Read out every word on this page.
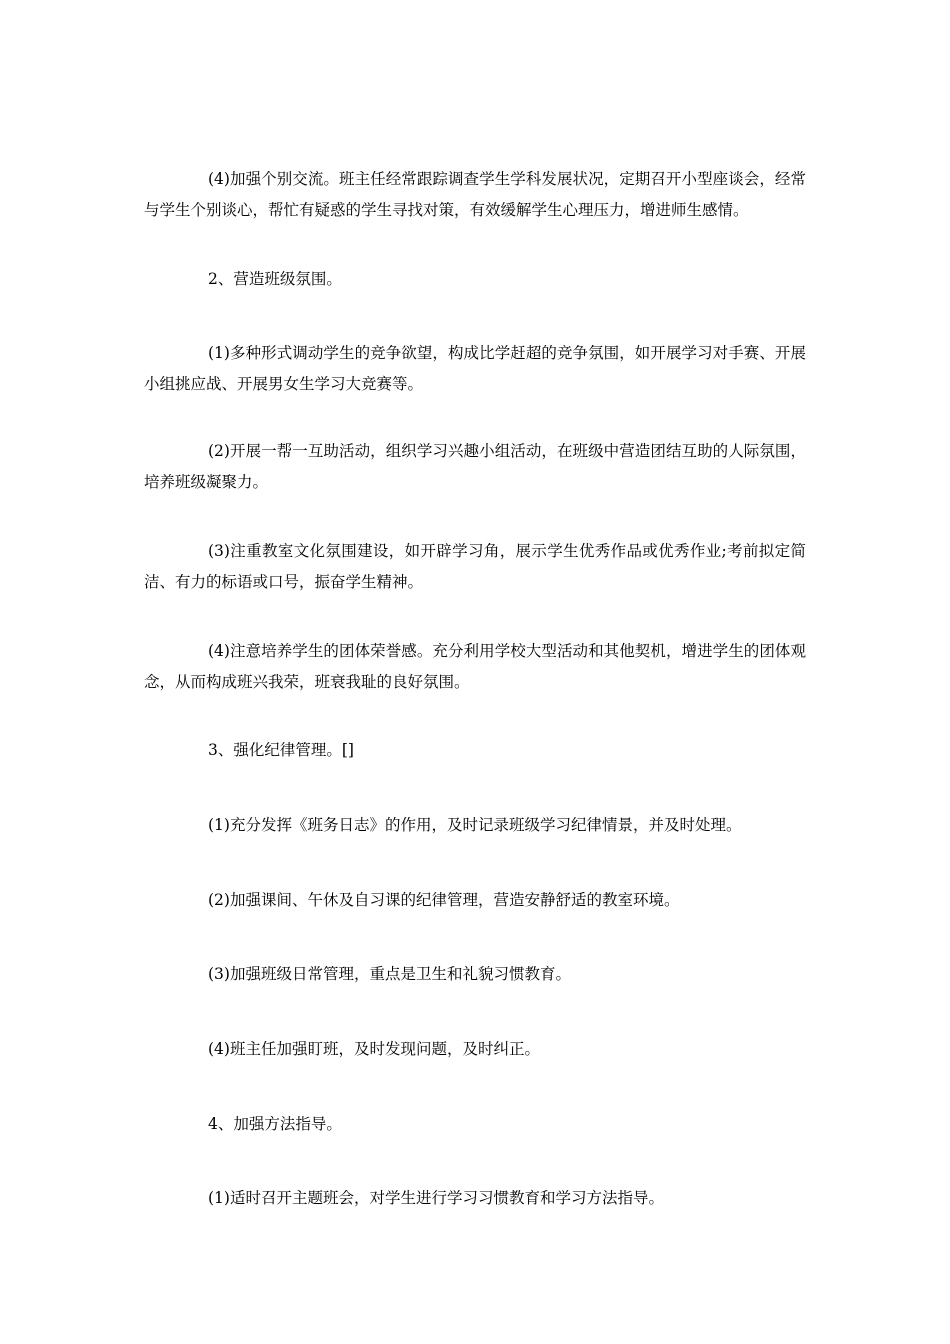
(4)加强个别交流。班主任经常跟踪调查学生学科发展状况，定期召开小型座谈会，经常与学生个别谈心，帮忙有疑惑的学生寻找对策，有效缓解学生心理压力，增进师生感情。

2、营造班级氛围。

(1)多种形式调动学生的竞争欲望，构成比学赶超的竞争氛围，如开展学习对手赛、开展小组挑应战、开展男女生学习大竞赛等。

(2)开展一帮一互助活动，组织学习兴趣小组活动，在班级中营造团结互助的人际氛围，培养班级凝聚力。

(3)注重教室文化氛围建设，如开辟学习角，展示学生优秀作品或优秀作业;考前拟定简洁、有力的标语或口号，振奋学生精神。

(4)注意培养学生的团体荣誉感。充分利用学校大型活动和其他契机，增进学生的团体观念，从而构成班兴我荣，班衰我耻的良好氛围。

3、强化纪律管理。[]

(1)充分发挥《班务日志》的作用，及时记录班级学习纪律情景，并及时处理。

(2)加强课间、午休及自习课的纪律管理，营造安静舒适的教室环境。

(3)加强班级日常管理，重点是卫生和礼貌习惯教育。

(4)班主任加强盯班，及时发现问题，及时纠正。

4、加强方法指导。

(1)适时召开主题班会，对学生进行学习习惯教育和学习方法指导。
